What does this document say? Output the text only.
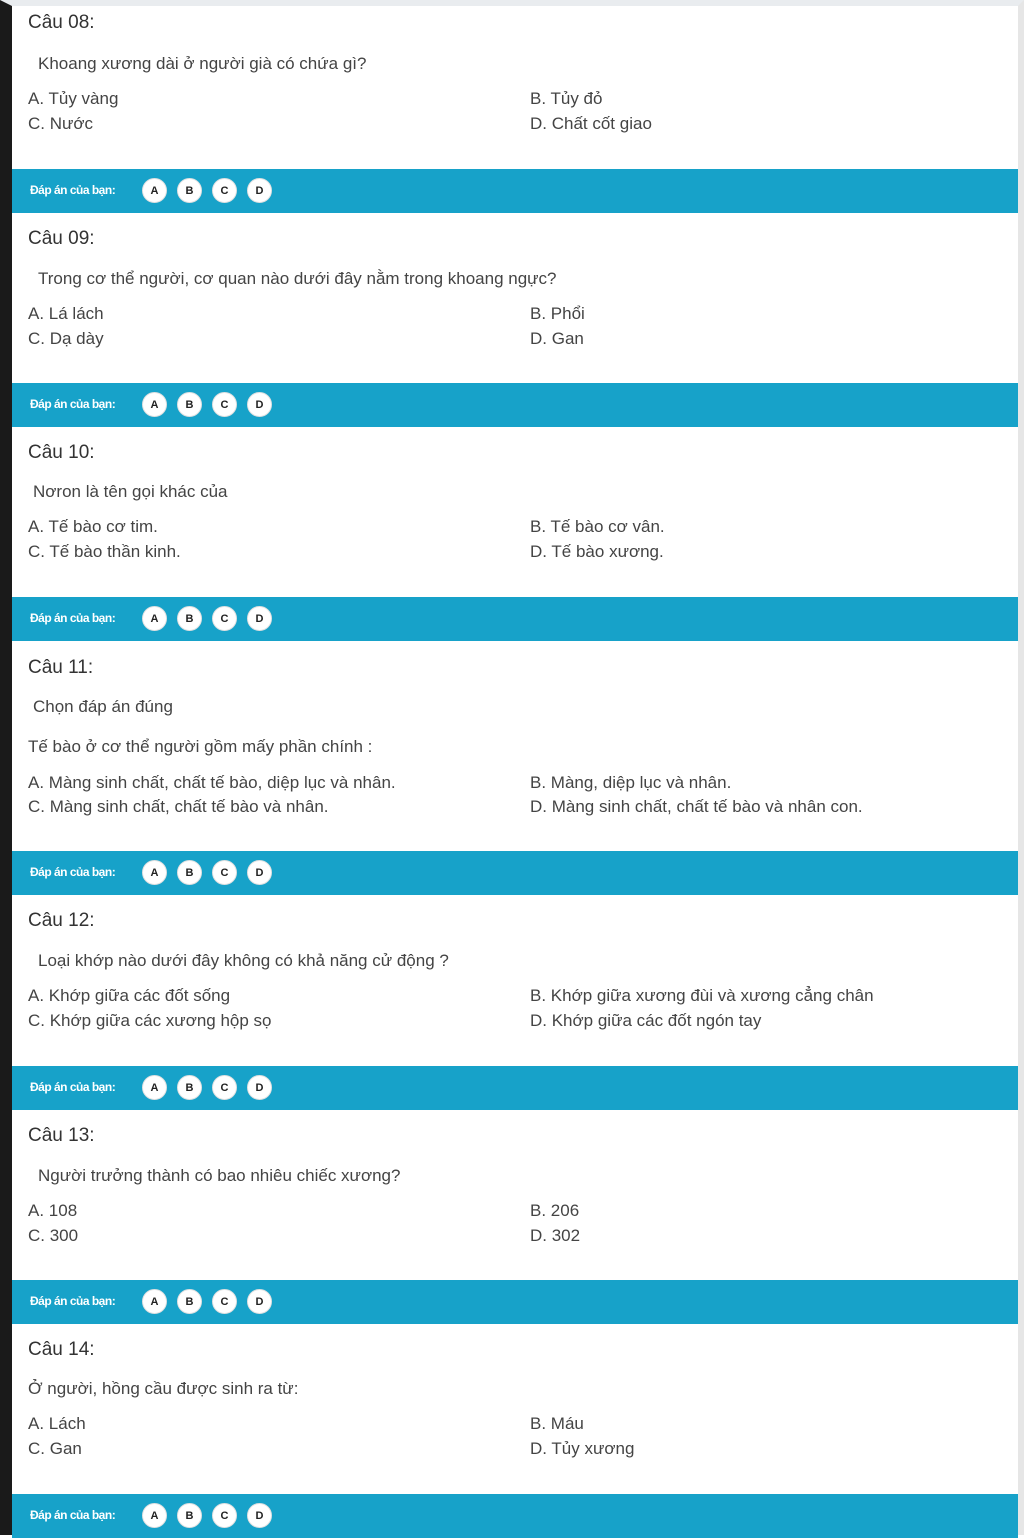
Câu 08:
Khoang xương dài ở người già có chứa gì?
A. Tủy vàng	B. Tủy đỏ
C. Nước	D. Chất cốt giao
Đáp án của bạn:	A	B	C	D
Câu 09:
Trong cơ thể người, cơ quan nào dưới đây nằm trong khoang ngực?
A. Lá lách	B. Phổi
C. Dạ dày	D. Gan
Đáp án của bạn:	A	B	C	D
Câu 10:
Nơron là tên gọi khác của
A. Tế bào cơ tim.	B. Tế bào cơ vân.
C. Tế bào thần kinh.	D. Tế bào xương.
Đáp án của bạn:	A	B	C	D
Câu 11:
Chọn đáp án đúng
Tế bào ở cơ thể người gồm mấy phần chính :
A. Màng sinh chất, chất tế bào, diệp lục và nhân.	B. Màng, diệp lục và nhân.
C. Màng sinh chất, chất tế bào và nhân.	D. Màng sinh chất, chất tế bào và nhân con.
Đáp án của bạn:	A	B	C	D
Câu 12:
Loại khớp nào dưới đây không có khả năng cử động ?
A. Khớp giữa các đốt sống	B. Khớp giữa xương đùi và xương cẳng chân
C. Khớp giữa các xương hộp sọ	D. Khớp giữa các đốt ngón tay
Đáp án của bạn:	A	B	C	D
Câu 13:
Người trưởng thành có bao nhiêu chiếc xương?
A. 108	B. 206
C. 300	D. 302
Đáp án của bạn:	A	B	C	D
Câu 14:
Ở người, hồng cầu được sinh ra từ:
A. Lách	B. Máu
C. Gan	D. Tủy xương
Đáp án của bạn:	A	B	C	D
